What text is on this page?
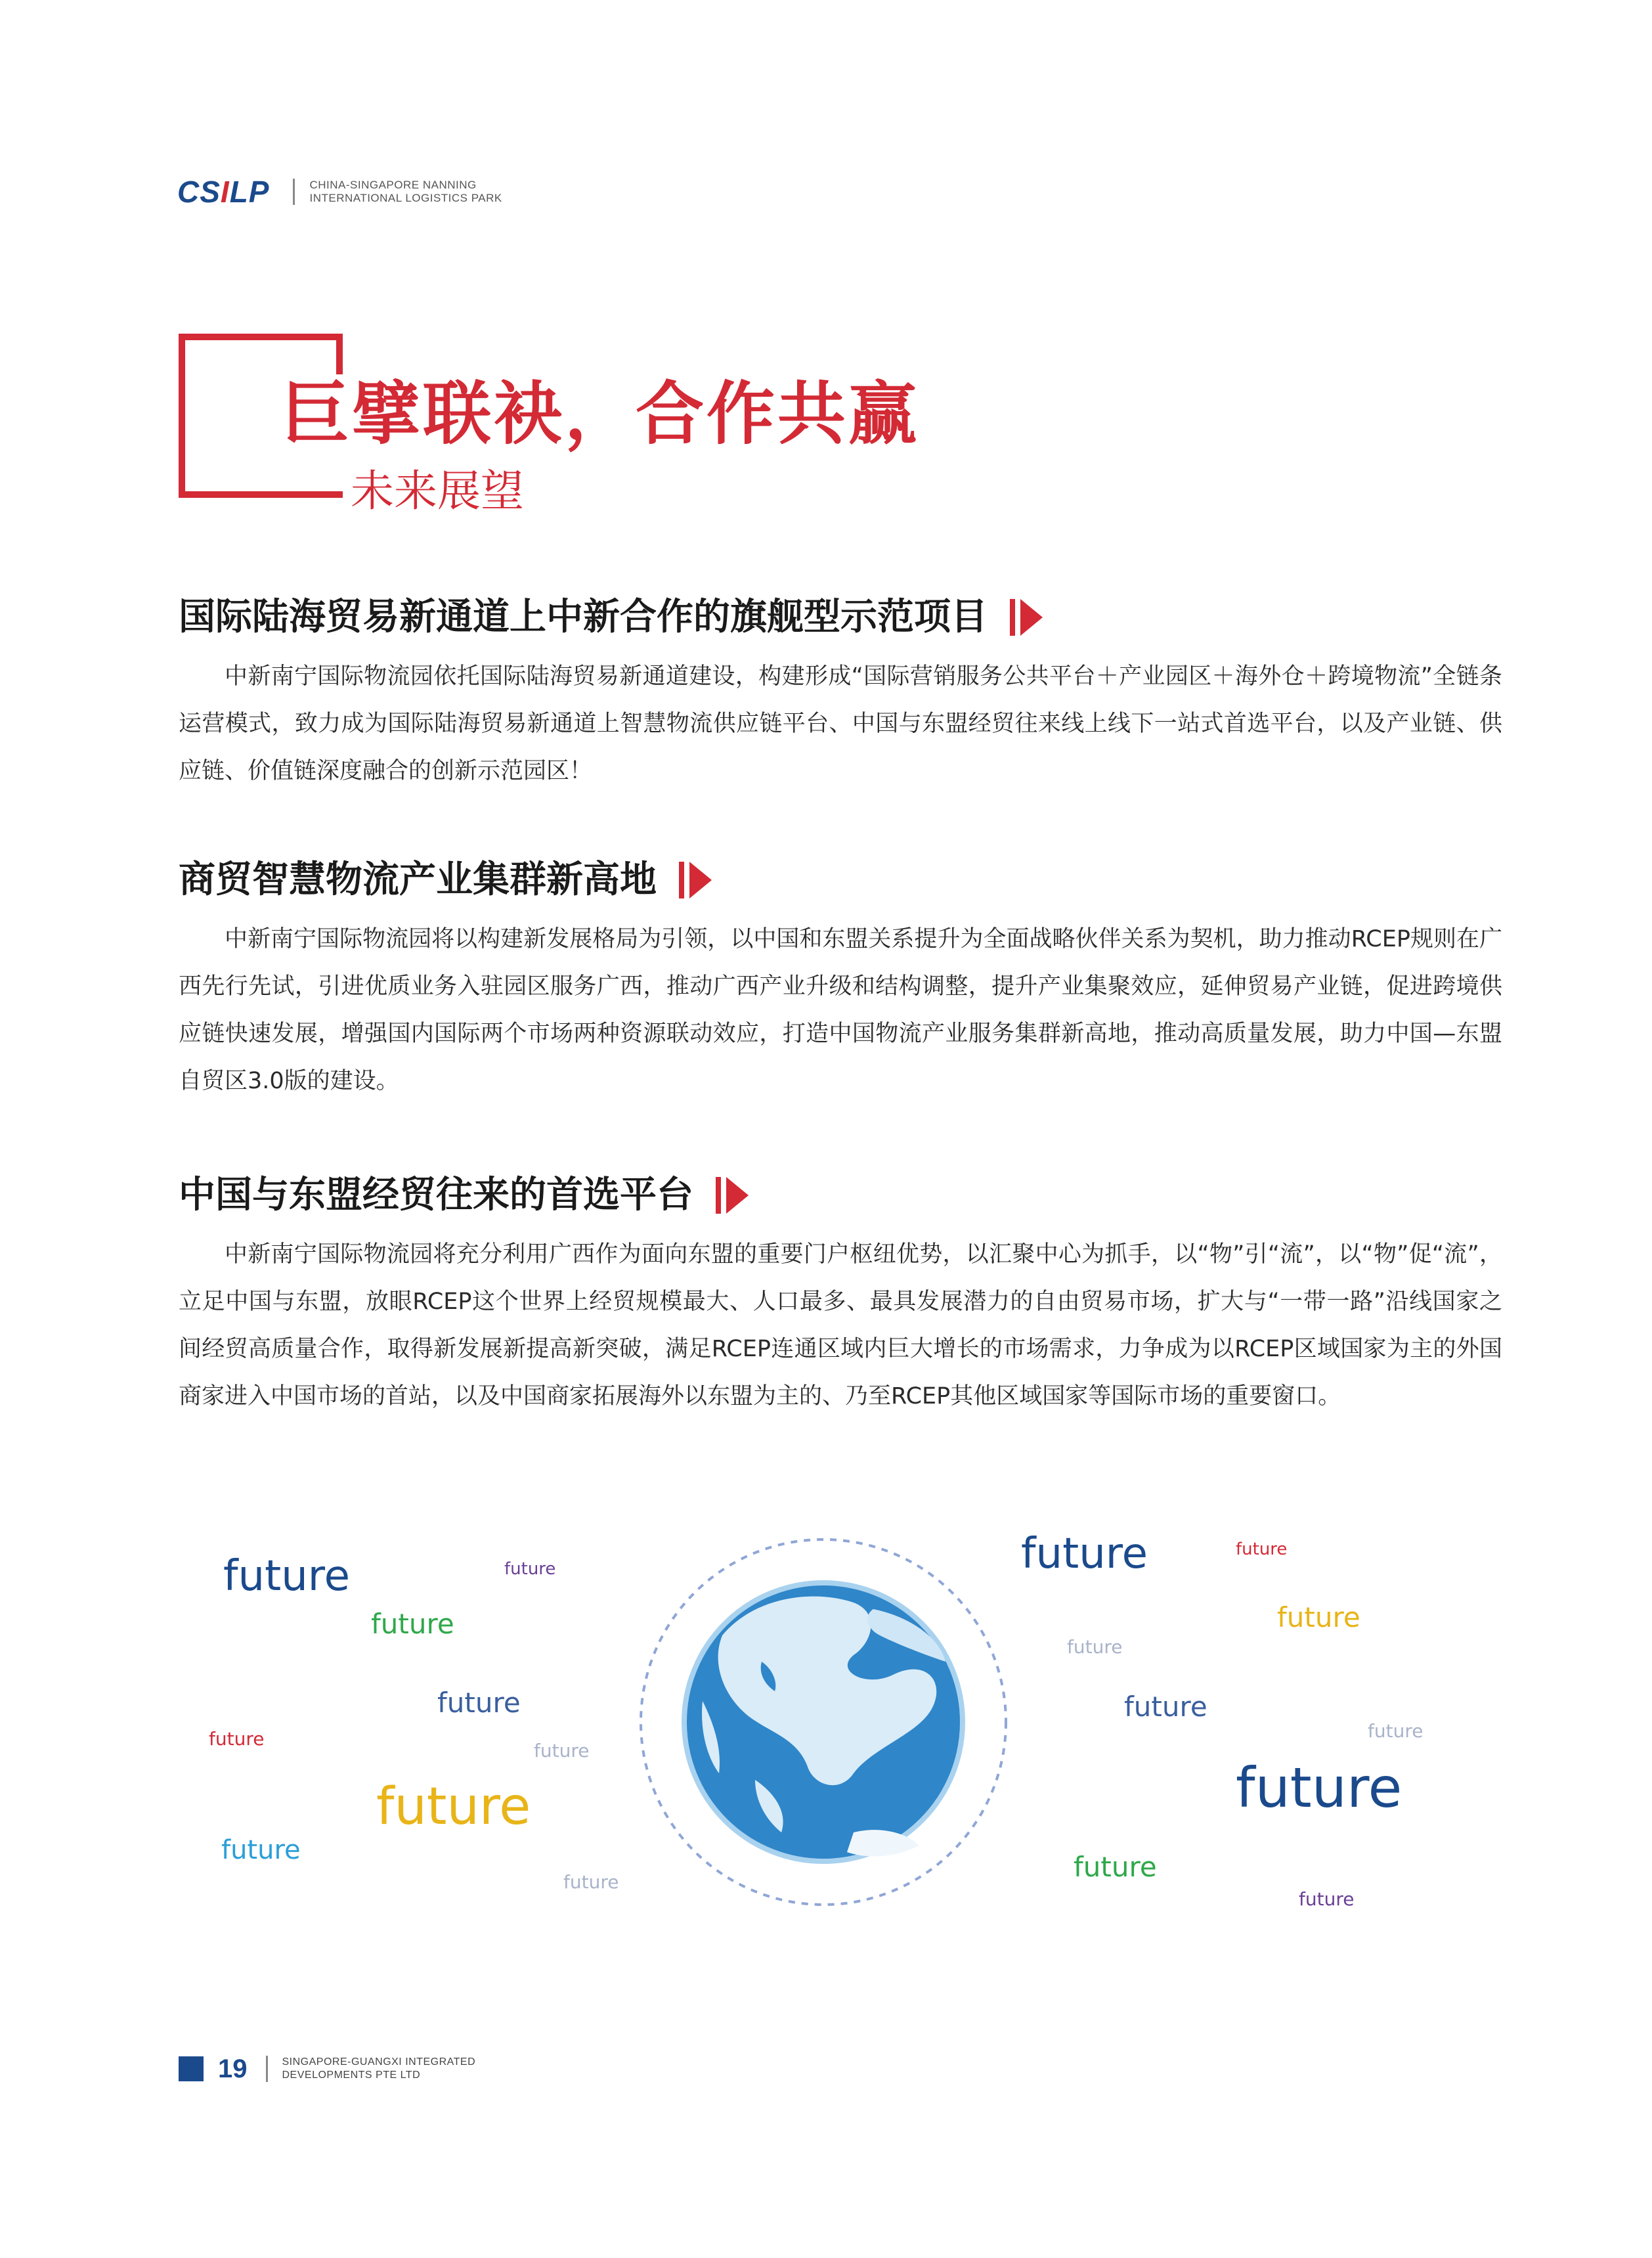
CSILP	CHINA-SINGAPORE NANNING
INTERNATIONAL LOGISTICS PARK
巨擘联袂，合作共赢
未来展望
国际陆海贸易新通道上中新合作的旗舰型示范项目
中新南宁国际物流园依托国际陆海贸易新通道建设，构建形成“国际营销服务公共平台＋产业园区＋海外仓＋跨境物流”全链条运营模式，致力成为国际陆海贸易新通道上智慧物流供应链平台、中国与东盟经贸往来线上线下一站式首选平台，以及产业链、供应链、价值链深度融合的创新示范园区！
商贸智慧物流产业集群新高地
中新南宁国际物流园将以构建新发展格局为引领，以中国和东盟关系提升为全面战略伙伴关系为契机，助力推动RCEP规则在广西先行先试，引进优质业务入驻园区服务广西，推动广西产业升级和结构调整，提升产业集聚效应，延伸贸易产业链，促进跨境供应链快速发展，增强国内国际两个市场两种资源联动效应，打造中国物流产业服务集群新高地，推动高质量发展，助力中国—东盟自贸区3.0版的建设。
中国与东盟经贸往来的首选平台
中新南宁国际物流园将充分利用广西作为面向东盟的重要门户枢纽优势，以汇聚中心为抓手，以“物”引“流”，以“物”促“流”，立足中国与东盟，放眼RCEP这个世界上经贸规模最大、人口最多、最具发展潜力的自由贸易市场，扩大与“一带一路”沿线国家之间经贸高质量合作，取得新发展新提高新突破，满足RCEP连通区域内巨大增长的市场需求，力争成为以RCEP区域国家为主的外国商家进入中国市场的首站，以及中国商家拓展海外以东盟为主的、乃至RCEP其他区域国家等国际市场的重要窗口。
future	future
future
future
future
future
future
future
future
future	future
future
future
future
future
future
future
future
19	SINGAPORE-GUANGXI INTEGRATED
DEVELOPMENTS PTE LTD
